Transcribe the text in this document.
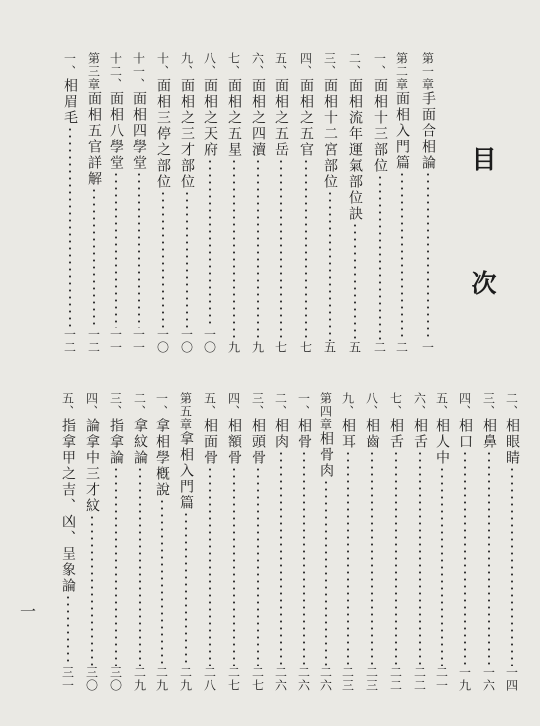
目
次
第一章
手面合相論
一
第二章
面相入門篇
二
一、
面相十三部位
二
二、
面相流年運氣部位訣
五
三、
面相十二宮部位
五
四、
面相之五官
七
五、
面相之五岳
七
六、
面相之四瀆
九
七、
面相之五星
九
八、
面相之天府
一〇
九、
面相之三才部位
一〇
十、
面相三停之部位
一〇
十一、
面相四學堂
一一
十二、
面相八學堂
一一
第三章
面相五官詳解
一二
一、
相眉毛
一二
二、
相眼睛
一四
三、
相鼻
一六
四、
相口
一九
五、
相人中
二一
六、
相舌
二二
七、
相舌
二二
八、
相齒
二三
九、
相耳
二三
第四章
相骨肉
二六
一、
相骨
二六
二、
相肉
二六
三、
相頭骨
二七
四、
相額骨
二七
五、
相面骨
二八
第五章
拿相入門篇
二九
一、
拿相學槪說
二九
二、
拿紋論
二九
三、
指拿論
三〇
四、
論拿中三才紋
三〇
五、
指拿甲之吉、凶、呈象論
三一
一
